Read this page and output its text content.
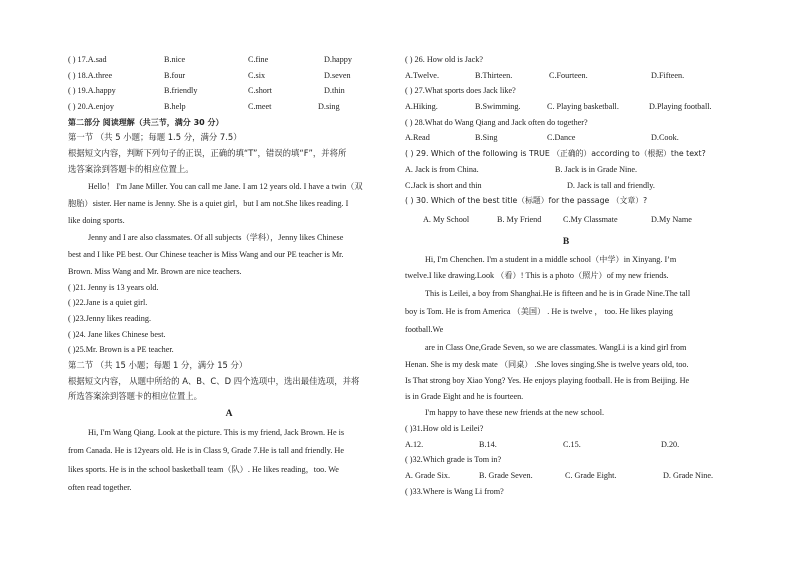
( ) 17.A.sad	B.nice	C.fine	D.happy
( ) 18.A.three	B.four	C.six	D.seven
( ) 19.A.happy	B.friendly	C.short	D.thin
( ) 20.A.enjoy	B.help	C.meet	D.sing
第二部分 阅读理解（共三节，满分 30 分）
第一节 （共 5 小题；每题 1.5 分，满分 7.5）
根据短文内容，判断下列句子的正误，正确的填“T”，错误的填“F”，并将所
选答案涂到答题卡的相应位置上。
Hello！ I'm Jane Miller. You can call me Jane. I am 12 years old. I have a twin（双
胞胎）sister. Her name is Jenny. She is a quiet girl，but I am not.She likes reading. I
like doing sports.
Jenny and I are also classmates. Of all subjects（学科），Jenny likes Chinese
best and I like PE best. Our Chinese teacher is Miss Wang and our PE teacher is Mr.
Brown. Miss Wang and Mr. Brown are nice teachers.
( )21. Jenny is 13 years old.
( )22.Jane is a quiet girl.
( )23.Jenny likes reading.
( )24. Jane likes Chinese best.
( )25.Mr. Brown is a PE teacher.
第二节 （共 15 小题；每题 1 分，满分 15 分）
根据短文内容， 从题中所给的 A、B、C、D 四个选项中，选出最佳选项，并将
所选答案涂到答题卡的相应位置上。
A
Hi, I'm Wang Qiang. Look at the picture. This is my friend, Jack Brown. He is
from Canada. He is 12years old. He is in Class 9, Grade 7.He is tall and friendly. He
likes sports. He is in the school basketball team（队）. He likes reading，too. We
often read together.
( ) 26. How old is Jack?
A.Twelve.	B.Thirteen.	C.Fourteen.	D.Fifteen.
( ) 27.What sports does Jack like?
A.Hiking.	B.Swimming.	C. Playing basketball.	D.Playing football.
( ) 28.What do Wang Qiang and Jack often do together?
A.Read	B.Sing	C.Dance	D.Cook.
( ) 29. Which of the following is TRUE （正确的）according to（根据）the text?
A. Jack is from China.	B. Jack is in Grade Nine.
C.Jack is short and thin	D. Jack is tall and friendly.
( ) 30. Which of the best title（标题）for the passage （文章）?
A. My School	B. My Friend	C.My Classmate	D.My Name
B
Hi, I'm Chenchen. I'm a student in a middle school（中学）in Xinyang. I’m
twelve.I like drawing.Look （看）! This is a photo（照片）of my new friends.
This is Leilei, a boy from Shanghai.He is fifteen and he is in Grade Nine.The tall
boy is Tom. He is from America （美国） . He is twelve ， too. He likes playing
football.We
are in Class One,Grade Seven, so we are classmates. WangLi is a kind girl from
Henan. She is my desk mate （同桌） .She loves singing.She is twelve years old, too.
Is That strong boy Xiao Yong? Yes. He enjoys playing football. He is from Beijing. He
is in Grade Eight and he is fourteen.
I'm happy to have these new friends at the new school.
( )31.How old is Leilei?
A.12.	B.14.	C.15.	D.20.
( )32.Which grade is Tom in?
A. Grade Six.	B. Grade Seven.	C. Grade Eight.	D. Grade Nine.
( )33.Where is Wang Li from?
